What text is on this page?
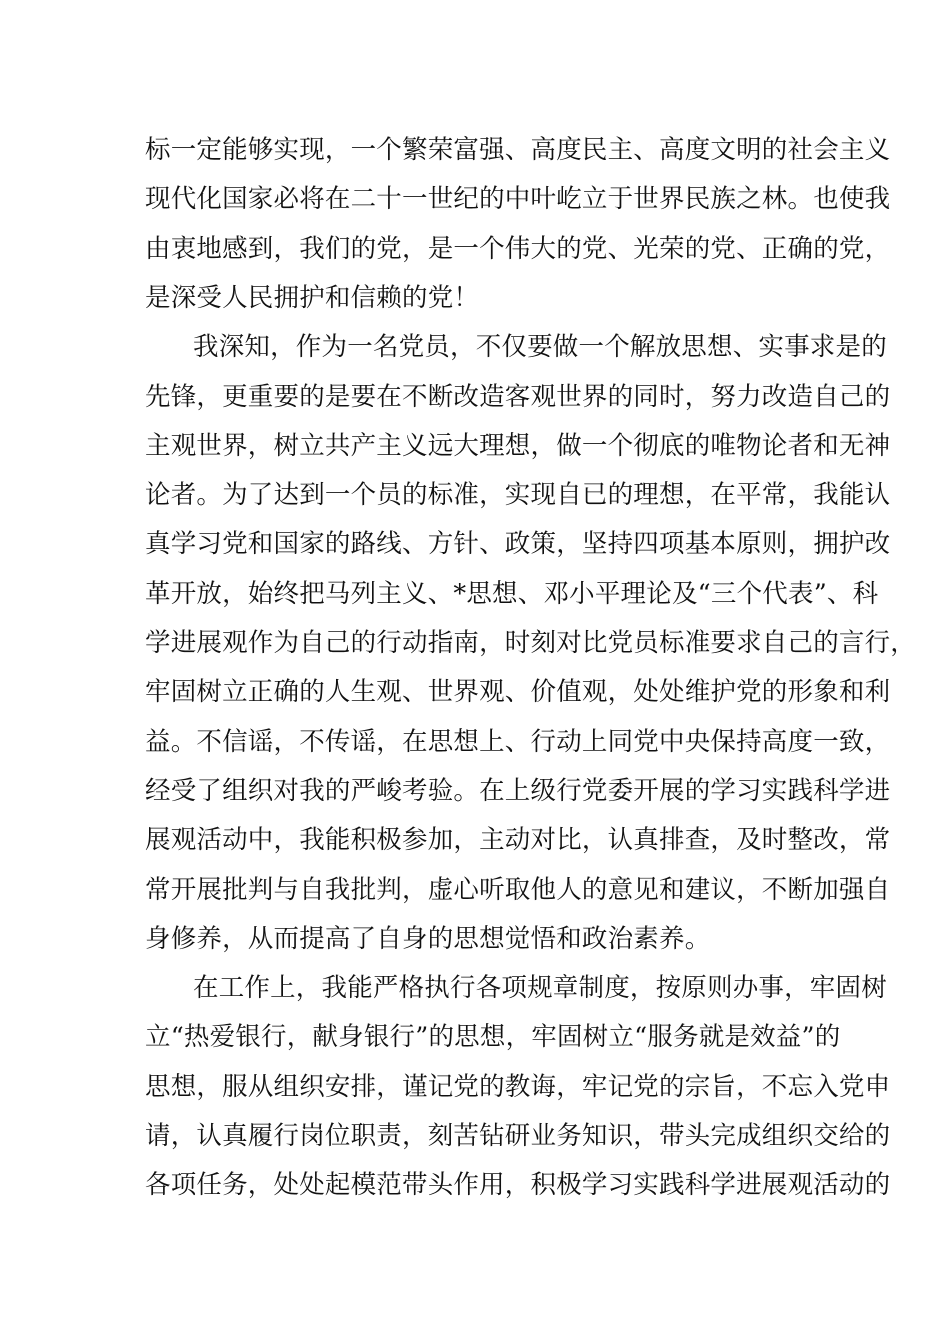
标一定能够实现，一个繁荣富强、高度民主、高度文明的社会主义
现代化国家必将在二十一世纪的中叶屹立于世界民族之林。也使我
由衷地感到，我们的党，是一个伟大的党、光荣的党、正确的党，
是深受人民拥护和信赖的党！
我深知，作为一名党员，不仅要做一个解放思想、实事求是的
先锋，更重要的是要在不断改造客观世界的同时，努力改造自己的
主观世界，树立共产主义远大理想，做一个彻底的唯物论者和无神
论者。为了达到一个员的标准，实现自已的理想，在平常，我能认
真学习党和国家的路线、方针、政策，坚持四项基本原则，拥护改
革开放，始终把马列主义、*思想、邓小平理论及“三个代表”、科
学进展观作为自己的行动指南，时刻对比党员标准要求自己的言行，
牢固树立正确的人生观、世界观、价值观，处处维护党的形象和利
益。不信谣，不传谣，在思想上、行动上同党中央保持高度一致，
经受了组织对我的严峻考验。在上级行党委开展的学习实践科学进
展观活动中，我能积极参加，主动对比，认真排查，及时整改，常
常开展批判与自我批判，虚心听取他人的意见和建议，不断加强自
身修养，从而提高了自身的思想觉悟和政治素养。
在工作上，我能严格执行各项规章制度，按原则办事，牢固树
立“热爱银行，献身银行”的思想，牢固树立“服务就是效益”的
思想，服从组织安排，谨记党的教诲，牢记党的宗旨，不忘入党申
请，认真履行岗位职责，刻苦钻研业务知识，带头完成组织交给的
各项任务，处处起模范带头作用，积极学习实践科学进展观活动的
